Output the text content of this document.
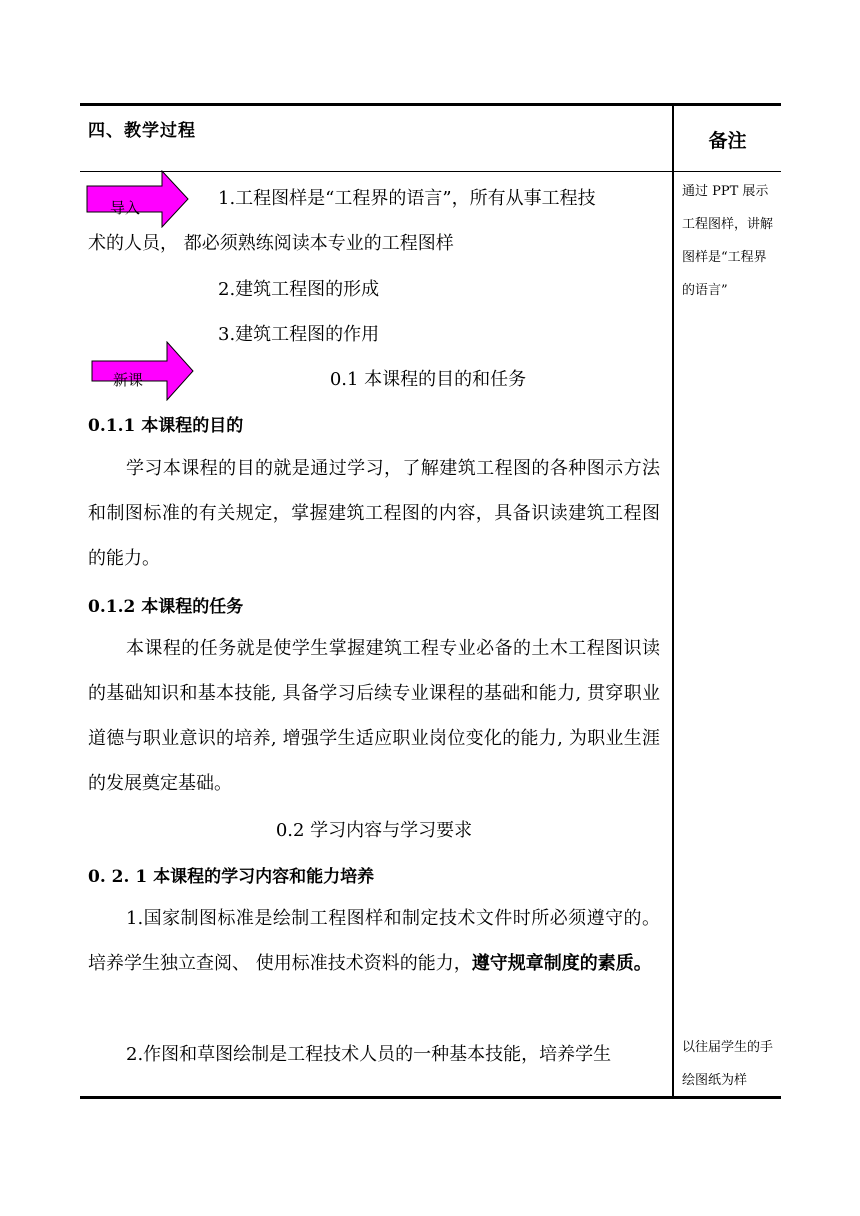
四、教学过程	备注
导入
新课
1.工程图样是“工程界的语言”，所有从事工程技
术的人员， 都必须熟练阅读本专业的工程图样
2.建筑工程图的形成
3.建筑工程图的作用
0.1 本课程的目的和任务
0.1.1 本课程的目的
学习本课程的目的就是通过学习，了解建筑工程图的各种图示方法和制图标准的有关规定，掌握建筑工程图的内容，具备识读建筑工程图的能力。
0.1.2 本课程的任务
本课程的任务就是使学生掌握建筑工程专业必备的土木工程图识读的基础知识和基本技能, 具备学习后续专业课程的基础和能力, 贯穿职业道德与职业意识的培养, 增强学生适应职业岗位变化的能力, 为职业生涯的发展奠定基础。
0.2 学习内容与学习要求
0. 2. 1 本课程的学习内容和能力培养
1.国家制图标准是绘制工程图样和制定技术文件时所必须遵守的。培养学生独立查阅、 使用标准技术资料的能力，遵守规章制度的素质。
2.作图和草图绘制是工程技术人员的一种基本技能，培养学生
通过 PPT 展示工程图样，讲解图样是“工程界的语言”
以往届学生的手绘图纸为样
